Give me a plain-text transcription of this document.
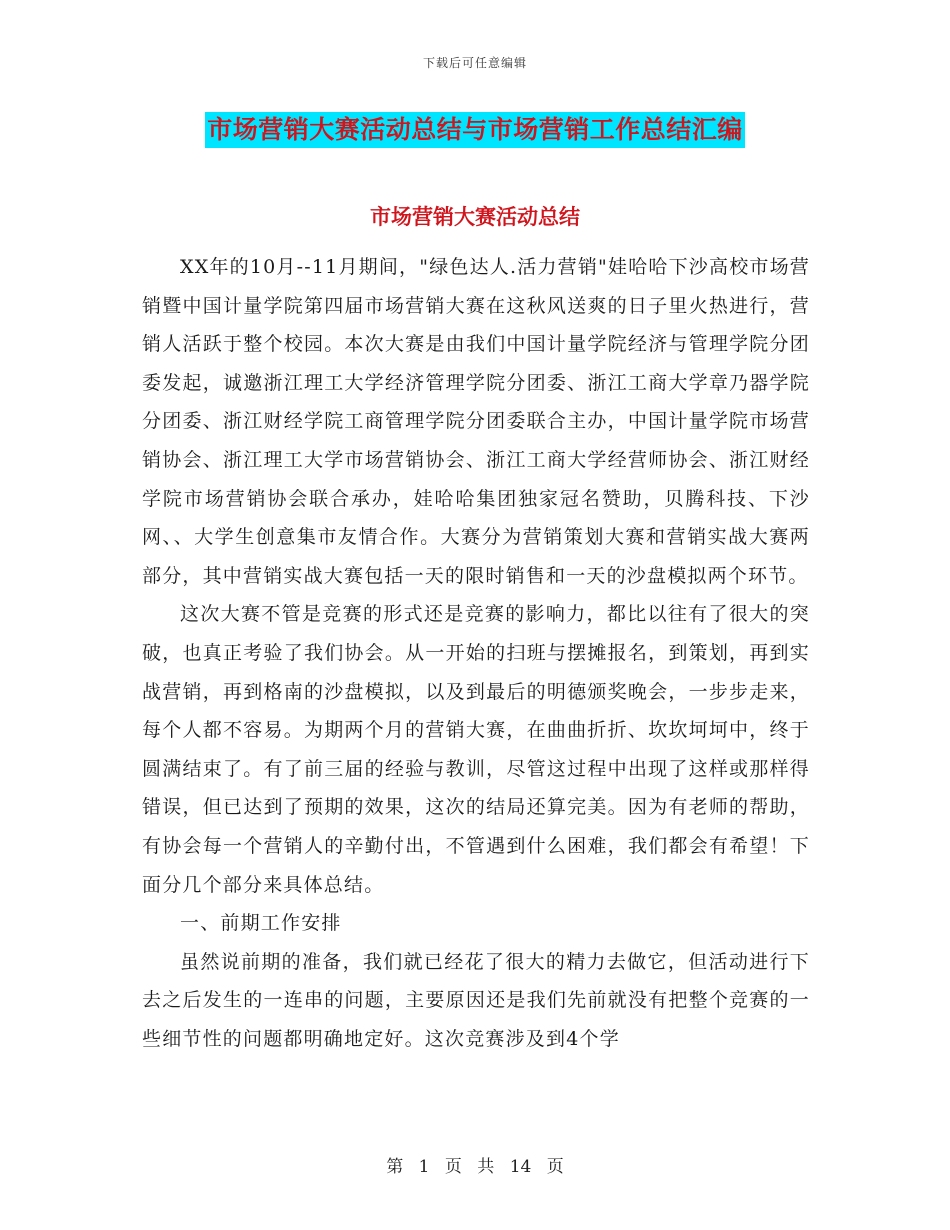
下载后可任意编辑
市场营销大赛活动总结与市场营销工作总结汇编
市场营销大赛活动总结

XX年的10月--11月期间，"绿色达人.活力营销"娃哈哈下沙高校市场营销暨中国计量学院第四届市场营销大赛在这秋风送爽的日子里火热进行，营销人活跃于整个校园。本次大赛是由我们中国计量学院经济与管理学院分团委发起，诚邀浙江理工大学经济管理学院分团委、浙江工商大学章乃器学院分团委、浙江财经学院工商管理学院分团委联合主办，中国计量学院市场营销协会、浙江理工大学市场营销协会、浙江工商大学经营师协会、浙江财经学院市场营销协会联合承办，娃哈哈集团独家冠名赞助，贝腾科技、下沙网、、大学生创意集市友情合作。大赛分为营销策划大赛和营销实战大赛两部分，其中营销实战大赛包括一天的限时销售和一天的沙盘模拟两个环节。

这次大赛不管是竞赛的形式还是竞赛的影响力，都比以往有了很大的突破，也真正考验了我们协会。从一开始的扫班与摆摊报名，到策划，再到实战营销，再到格南的沙盘模拟，以及到最后的明德颁奖晚会，一步步走来，每个人都不容易。为期两个月的营销大赛，在曲曲折折、坎坎坷坷中，终于圆满结束了。有了前三届的经验与教训，尽管这过程中出现了这样或那样得错误，但已达到了预期的效果，这次的结局还算完美。因为有老师的帮助，有协会每一个营销人的辛勤付出，不管遇到什么困难，我们都会有希望！下面分几个部分来具体总结。

一、前期工作安排

虽然说前期的准备，我们就已经花了很大的精力去做它，但活动进行下去之后发生的一连串的问题，主要原因还是我们先前就没有把整个竞赛的一些细节性的问题都明确地定好。这次竞赛涉及到4个学

第 1 页 共 14 页
